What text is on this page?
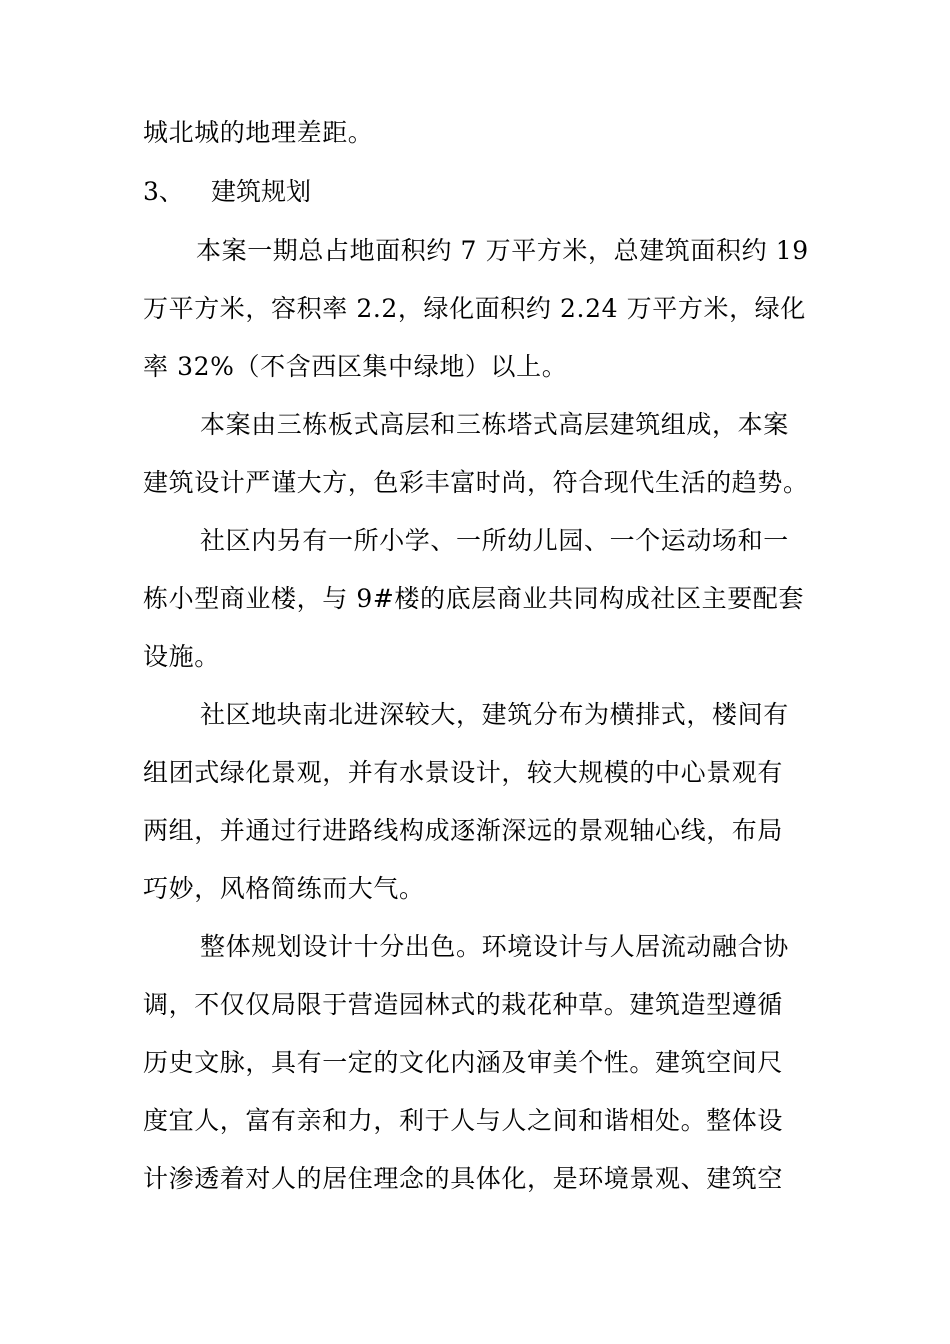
城北城的地理差距。
3、 建筑规划
本案一期总占地面积约 7 万平方米，总建筑面积约 19
万平方米，容积率 2.2，绿化面积约 2.24 万平方米，绿化
率 32%（不含西区集中绿地）以上。
本案由三栋板式高层和三栋塔式高层建筑组成，本案
建筑设计严谨大方，色彩丰富时尚，符合现代生活的趋势。
社区内另有一所小学、一所幼儿园、一个运动场和一
栋小型商业楼，与 9#楼的底层商业共同构成社区主要配套
设施。
社区地块南北进深较大，建筑分布为横排式，楼间有
组团式绿化景观，并有水景设计，较大规模的中心景观有
两组，并通过行进路线构成逐渐深远的景观轴心线，布局
巧妙，风格简练而大气。
整体规划设计十分出色。环境设计与人居流动融合协
调，不仅仅局限于营造园林式的栽花种草。建筑造型遵循
历史文脉，具有一定的文化内涵及审美个性。建筑空间尺
度宜人，富有亲和力，利于人与人之间和谐相处。整体设
计渗透着对人的居住理念的具体化，是环境景观、建筑空
